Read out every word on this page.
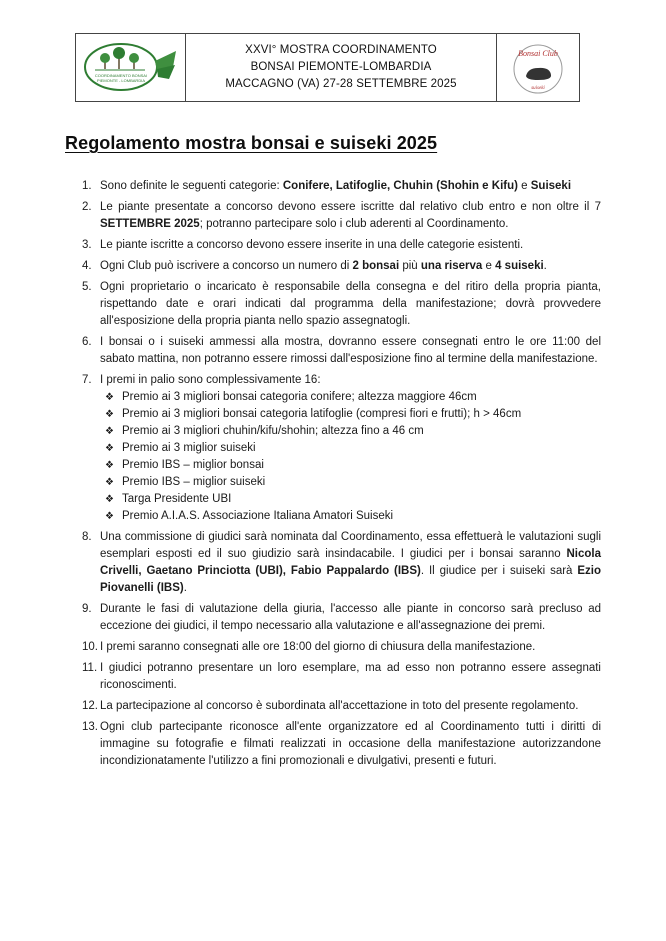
COORDINAMENTO BONSAI
PIEMONTE - LOMBARDIA
XXVI° MOSTRA COORDINAMENTO
BONSAI PIEMONTE-LOMBARDIA
MACCAGNO (VA) 27-28 SETTEMBRE 2025
Bonsai Club
suiseki
Regolamento mostra bonsai e suiseki 2025
1. Sono definite le seguenti categorie: Conifere, Latifoglie, Chuhin (Shohin e Kifu) e Suiseki
2. Le piante presentate a concorso devono essere iscritte dal relativo club entro e non oltre il 7 SETTEMBRE 2025; potranno partecipare solo i club aderenti al Coordinamento.
3. Le piante iscritte a concorso devono essere inserite in una delle categorie esistenti.
4. Ogni Club può iscrivere a concorso un numero di 2 bonsai più una riserva e 4 suiseki.
5. Ogni proprietario o incaricato è responsabile della consegna e del ritiro della propria pianta, rispettando date e orari indicati dal programma della manifestazione; dovrà provvedere all'esposizione della propria pianta nello spazio assegnatogli.
6. I bonsai o i suiseki ammessi alla mostra, dovranno essere consegnati entro le ore 11:00 del sabato mattina, non potranno essere rimossi dall'esposizione fino al termine della manifestazione.
7. I premi in palio sono complessivamente 16:
❖ Premio ai 3 migliori bonsai categoria conifere; altezza maggiore 46cm
❖ Premio ai 3 migliori bonsai categoria latifoglie (compresi fiori e frutti); h > 46cm
❖ Premio ai 3 migliori chuhin/kifu/shohin; altezza fino a 46 cm
❖ Premio ai 3 miglior suiseki
❖ Premio IBS – miglior bonsai
❖ Premio IBS – miglior suiseki
❖ Targa Presidente UBI
❖ Premio A.I.A.S. Associazione Italiana Amatori Suiseki
8. Una commissione di giudici sarà nominata dal Coordinamento, essa effettuerà le valutazioni sugli esemplari esposti ed il suo giudizio sarà insindacabile. I giudici per i bonsai saranno Nicola Crivelli, Gaetano Princiotta (UBI), Fabio Pappalardo (IBS). Il giudice per i suiseki sarà Ezio Piovanelli (IBS).
9. Durante le fasi di valutazione della giuria, l'accesso alle piante in concorso sarà precluso ad eccezione dei giudici, il tempo necessario alla valutazione e all'assegnazione dei premi.
10. I premi saranno consegnati alle ore 18:00 del giorno di chiusura della manifestazione.
11. I giudici potranno presentare un loro esemplare, ma ad esso non potranno essere assegnati riconoscimenti.
12. La partecipazione al concorso è subordinata all'accettazione in toto del presente regolamento.
13. Ogni club partecipante riconosce all'ente organizzatore ed al Coordinamento tutti i diritti di immagine su fotografie e filmati realizzati in occasione della manifestazione autorizzandone incondizionatamente l'utilizzo a fini promozionali e divulgativi, presenti e futuri.
